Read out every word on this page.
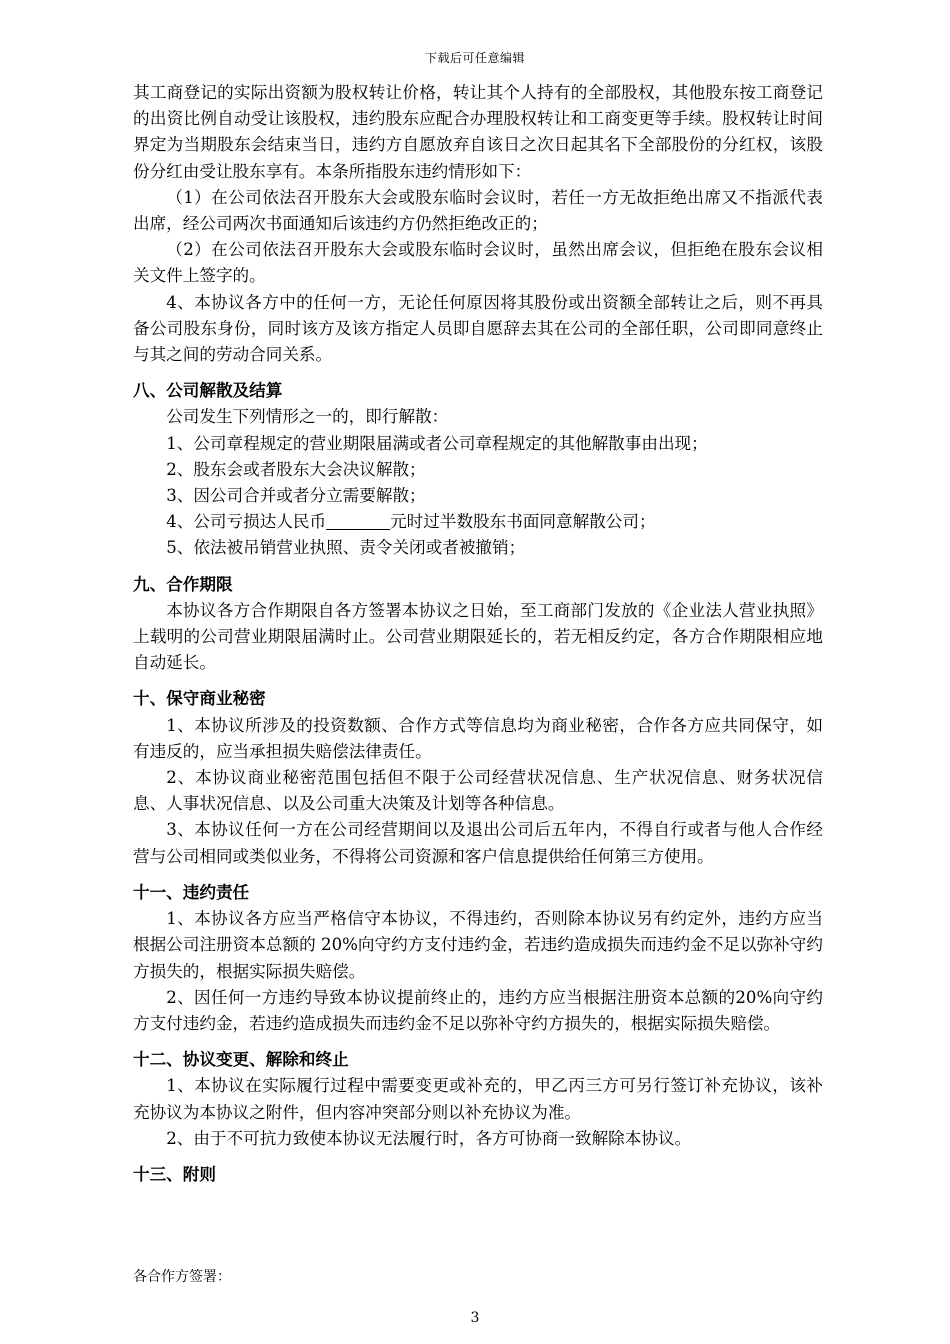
下载后可任意编辑

其工商登记的实际出资额为股权转让价格，转让其个人持有的全部股权，其他股东按工商登记的出资比例自动受让该股权，违约股东应配合办理股权转让和工商变更等手续。股权转让时间界定为当期股东会结束当日，违约方自愿放弃自该日之次日起其名下全部股份的分红权，该股份分红由受让股东享有。本条所指股东违约情形如下：

（1）在公司依法召开股东大会或股东临时会议时，若任一方无故拒绝出席又不指派代表出席，经公司两次书面通知后该违约方仍然拒绝改正的；

（2）在公司依法召开股东大会或股东临时会议时，虽然出席会议，但拒绝在股东会议相关文件上签字的。

4、本协议各方中的任何一方，无论任何原因将其股份或出资额全部转让之后，则不再具备公司股东身份，同时该方及该方指定人员即自愿辞去其在公司的全部任职，公司即同意终止与其之间的劳动合同关系。

八、公司解散及结算

公司发生下列情形之一的，即行解散：

1、公司章程规定的营业期限届满或者公司章程规定的其他解散事由出现；

2、股东会或者股东大会决议解散；

3、因公司合并或者分立需要解散；

4、公司亏损达人民币	元时过半数股东书面同意解散公司；

5、依法被吊销营业执照、责令关闭或者被撤销；

九、合作期限

本协议各方合作期限自各方签署本协议之日始，至工商部门发放的《企业法人营业执照》上载明的公司营业期限届满时止。公司营业期限延长的，若无相反约定，各方合作期限相应地自动延长。

十、保守商业秘密

1、本协议所涉及的投资数额、合作方式等信息均为商业秘密，合作各方应共同保守，如有违反的，应当承担损失赔偿法律责任。

2、本协议商业秘密范围包括但不限于公司经营状况信息、生产状况信息、财务状况信息、人事状况信息、以及公司重大决策及计划等各种信息。

3、本协议任何一方在公司经营期间以及退出公司后五年内，不得自行或者与他人合作经营与公司相同或类似业务，不得将公司资源和客户信息提供给任何第三方使用。

十一、违约责任

1、本协议各方应当严格信守本协议，不得违约，否则除本协议另有约定外，违约方应当根据公司注册资本总额的 20%向守约方支付违约金，若违约造成损失而违约金不足以弥补守约方损失的，根据实际损失赔偿。

2、因任何一方违约导致本协议提前终止的，违约方应当根据注册资本总额的20%向守约方支付违约金，若违约造成损失而违约金不足以弥补守约方损失的，根据实际损失赔偿。

十二、协议变更、解除和终止

1、本协议在实际履行过程中需要变更或补充的，甲乙丙三方可另行签订补充协议，该补充协议为本协议之附件，但内容冲突部分则以补充协议为准。

2、由于不可抗力致使本协议无法履行时，各方可协商一致解除本协议。

十三、附则

各合作方签署：
3
